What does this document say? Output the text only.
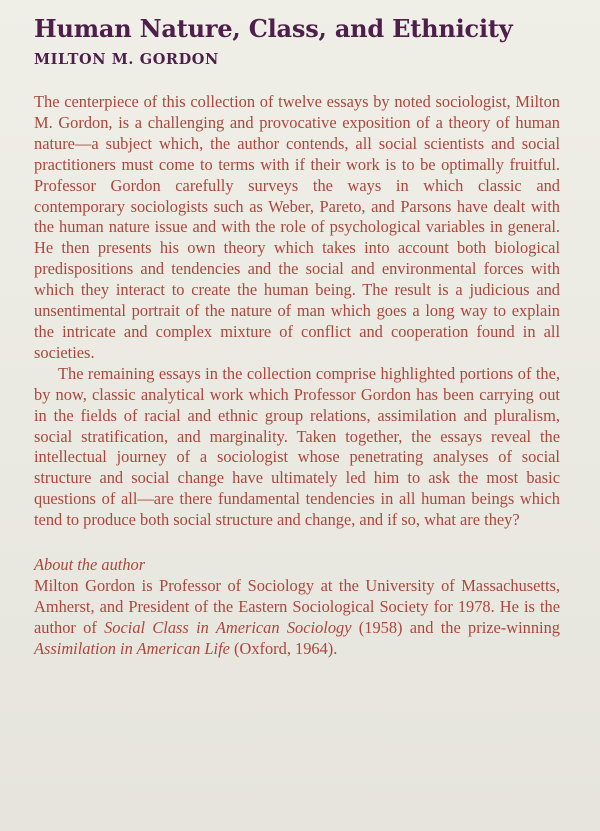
Human Nature, Class, and Ethnicity
MILTON M. GORDON

The centerpiece of this collection of twelve essays by noted sociologist, Milton M. Gordon, is a challenging and provocative exposition of a theory of human nature—a subject which, the author contends, all social scientists and social practitioners must come to terms with if their work is to be optimally fruitful. Professor Gordon carefully surveys the ways in which classic and contemporary sociologists such as Weber, Pareto, and Parsons have dealt with the human nature issue and with the role of psychological variables in general. He then presents his own theory which takes into account both biological predispositions and tendencies and the social and environmental forces with which they interact to create the human being. The result is a judicious and unsentimental portrait of the nature of man which goes a long way to explain the intricate and complex mixture of conflict and cooperation found in all societies.

The remaining essays in the collection comprise highlighted portions of the, by now, classic analytical work which Professor Gordon has been carrying out in the fields of racial and ethnic group relations, assimilation and pluralism, social stratification, and marginality. Taken together, the essays reveal the intellectual journey of a sociologist whose penetrating analyses of social structure and social change have ultimately led him to ask the most basic questions of all—are there fundamental tendencies in all human beings which tend to produce both social structure and change, and if so, what are they?

About the author

Milton Gordon is Professor of Sociology at the University of Massachusetts, Amherst, and President of the Eastern Sociological Society for 1978. He is the author of Social Class in American Sociology (1958) and the prize-winning Assimilation in American Life (Oxford, 1964).
